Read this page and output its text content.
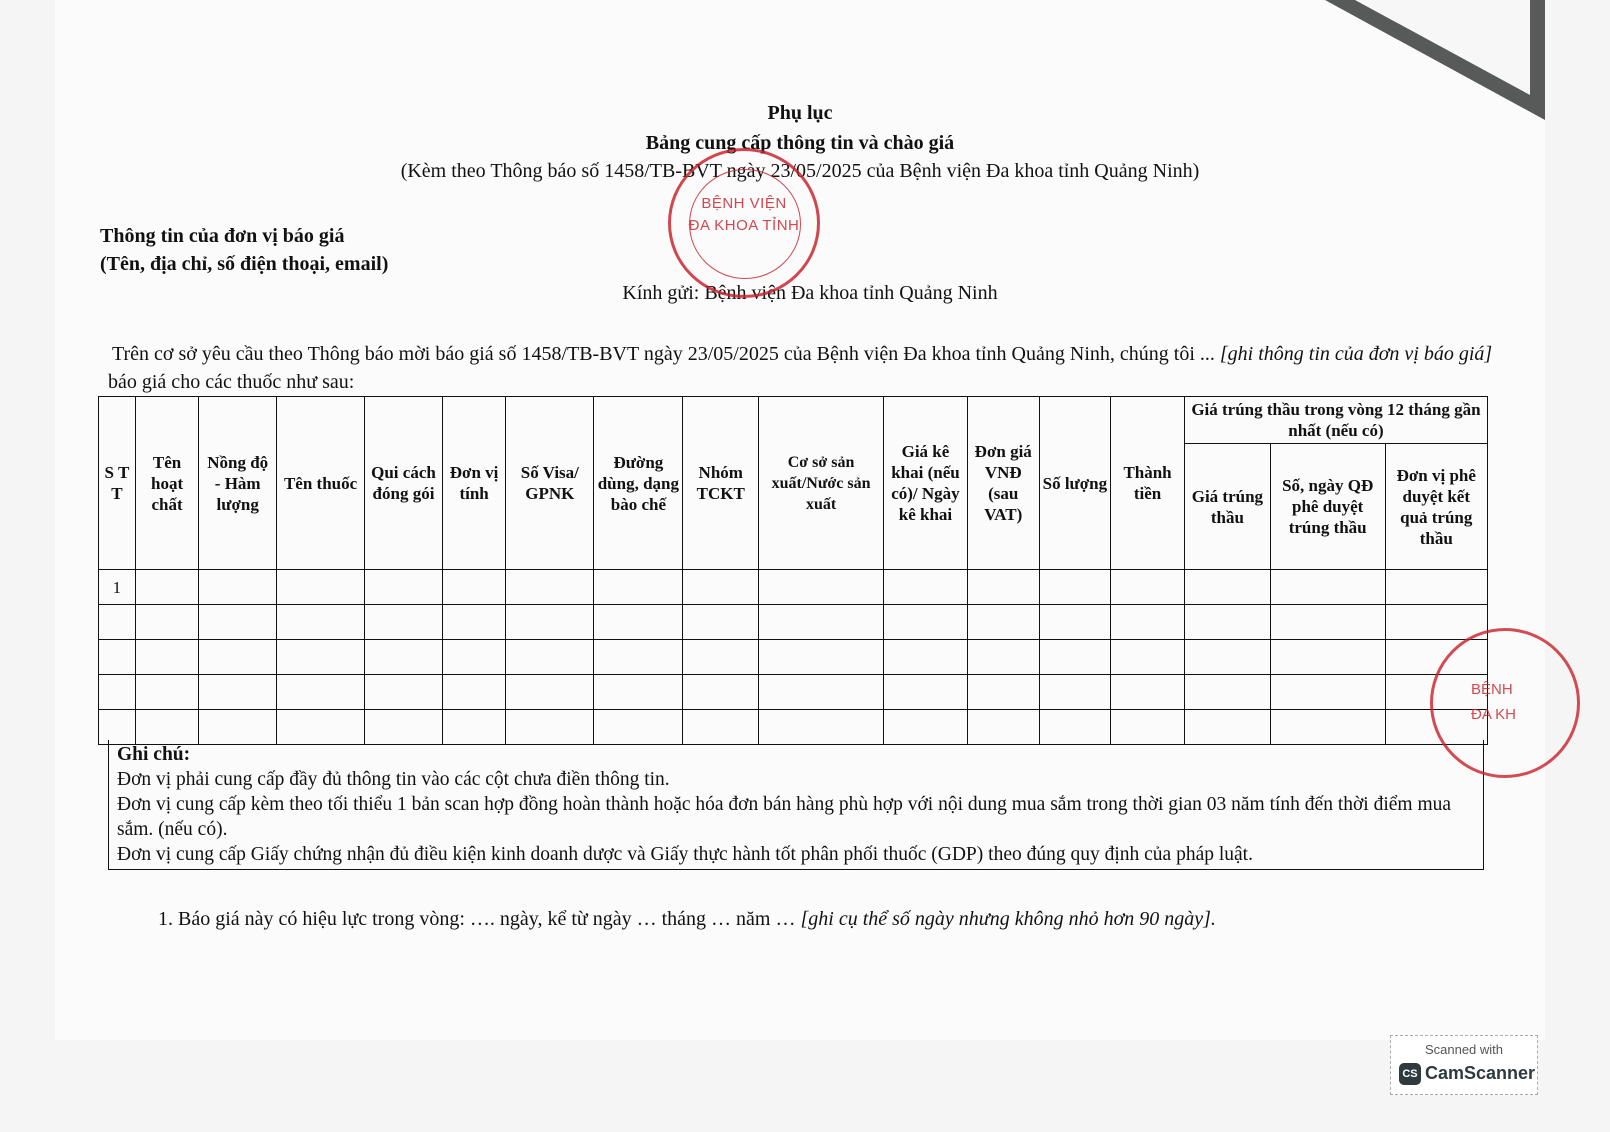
Phụ lục
Bảng cung cấp thông tin và chào giá
(Kèm theo Thông báo số 1458/TB-BVT ngày 23/05/2025 của Bệnh viện Đa khoa tỉnh Quảng Ninh)
Thông tin của đơn vị báo giá
(Tên, địa chỉ, số điện thoại, email)
Kính gửi: Bệnh viện Đa khoa tỉnh Quảng Ninh
Trên cơ sở yêu cầu theo Thông báo mời báo giá số 1458/TB-BVT ngày 23/05/2025 của Bệnh viện Đa khoa tỉnh Quảng Ninh, chúng tôi ... [ghi thông tin của đơn vị báo giá] báo giá cho các thuốc như sau:
S T T	Tên hoạt chất	Nồng độ - Hàm lượng	Tên thuốc	Qui cách đóng gói	Đơn vị tính	Số Visa/ GPNK	Đường dùng, dạng bào chế	Nhóm TCKT	Cơ sở sản xuất/Nước sản xuất	Giá kê khai (nếu có)/ Ngày kê khai	Đơn giá VNĐ (sau VAT)	Số lượng	Thành tiền	Giá trúng thầu trong vòng 12 tháng gần nhất (nếu có)		
														Giá trúng thầu	Số, ngày QĐ phê duyệt trúng thầu	Đơn vị phê duyệt kết quả trúng thầu
1																

Ghi chú:
Đơn vị phải cung cấp đầy đủ thông tin vào các cột chưa điền thông tin.
Đơn vị cung cấp kèm theo tối thiểu 1 bản scan hợp đồng hoàn thành hoặc hóa đơn bán hàng phù hợp với nội dung mua sắm trong thời gian 03 năm tính đến thời điểm mua sắm. (nếu có).
Đơn vị cung cấp Giấy chứng nhận đủ điều kiện kinh doanh dược và Giấy thực hành tốt phân phối thuốc (GDP) theo đúng quy định của pháp luật.
1. Báo giá này có hiệu lực trong vòng: …. ngày, kể từ ngày … tháng … năm … [ghi cụ thể số ngày nhưng không nhỏ hơn 90 ngày].
BỆNH VIỆN
ĐA KHOA TỈNH
BỆNH
ĐA KH
Scanned with
CS CamScanner
